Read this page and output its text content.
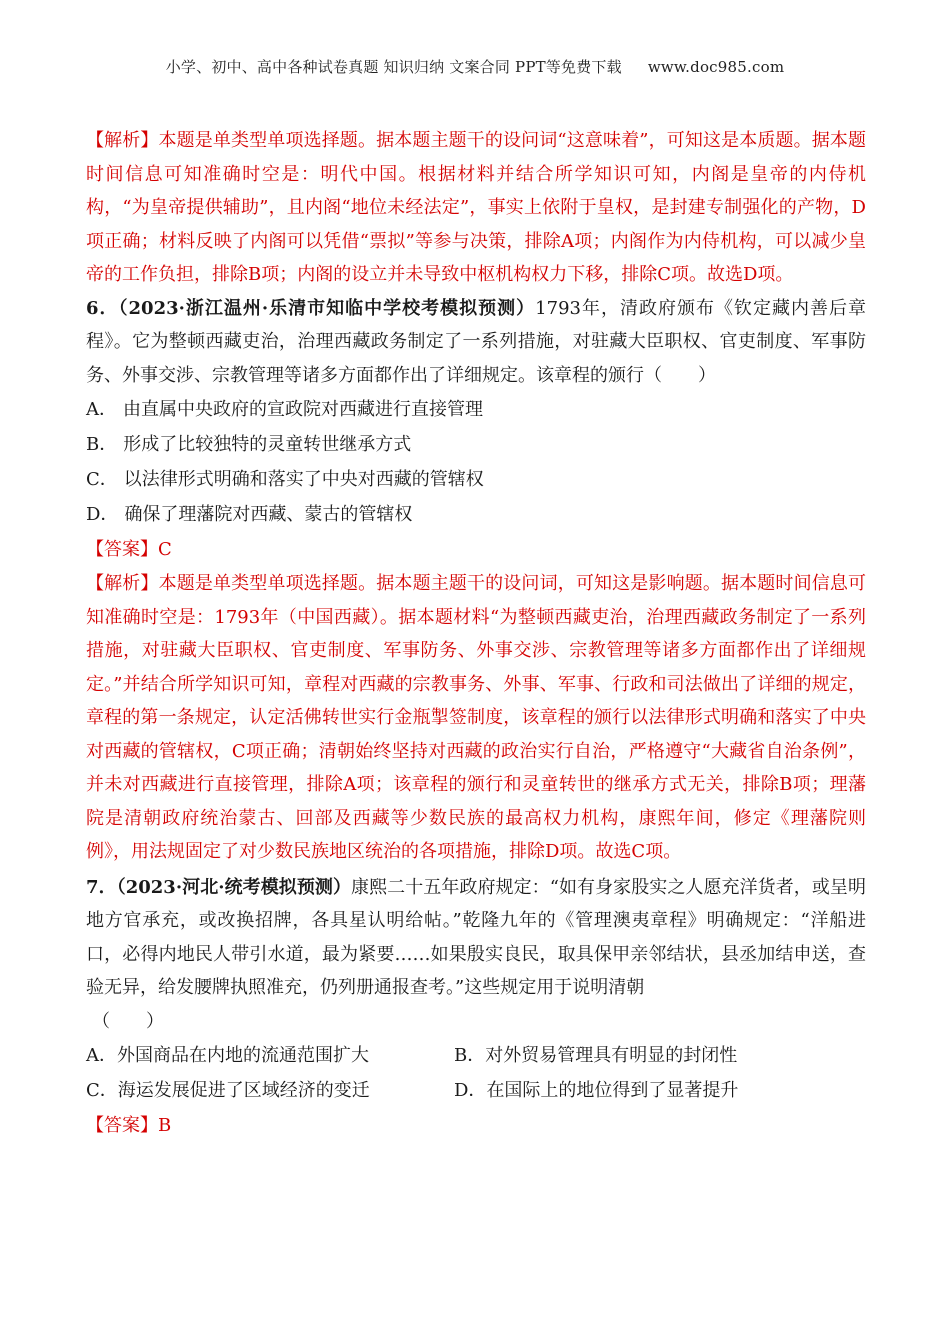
小学、初中、高中各种试卷真题 知识归纳 文案合同 PPT等免费下载 www.doc985.com

【解析】本题是单类型单项选择题。据本题主题干的设问词“这意味着”，可知这是本质题。据本题时间信息可知准确时空是：明代中国。根据材料并结合所学知识可知，内阁是皇帝的内侍机构，“为皇帝提供辅助”，且内阁“地位未经法定”，事实上依附于皇权，是封建专制强化的产物，D项正确；材料反映了内阁可以凭借“票拟”等参与决策，排除A项；内阁作为内侍机构，可以减少皇帝的工作负担，排除B项；内阁的设立并未导致中枢机构权力下移，排除C项。故选D项。

6．（2023·浙江温州·乐清市知临中学校考模拟预测）1793年，清政府颁布《钦定藏内善后章程》。它为整顿西藏吏治，治理西藏政务制定了一系列措施，对驻藏大臣职权、官吏制度、军事防务、外事交涉、宗教管理等诸多方面都作出了详细规定。该章程的颁行（　　）

A． 由直属中央政府的宣政院对西藏进行直接管理

B． 形成了比较独特的灵童转世继承方式

C． 以法律形式明确和落实了中央对西藏的管辖权

D． 确保了理藩院对西藏、蒙古的管辖权

【答案】C

【解析】本题是单类型单项选择题。据本题主题干的设问词，可知这是影响题。据本题时间信息可知准确时空是：1793年（中国西藏）。据本题材料“为整顿西藏吏治，治理西藏政务制定了一系列措施，对驻藏大臣职权、官吏制度、军事防务、外事交涉、宗教管理等诸多方面都作出了详细规定。”并结合所学知识可知，章程对西藏的宗教事务、外事、军事、行政和司法做出了详细的规定，章程的第一条规定，认定活佛转世实行金瓶掣签制度，该章程的颁行以法律形式明确和落实了中央对西藏的管辖权，C项正确；清朝始终坚持对西藏的政治实行自治，严格遵守“大藏省自治条例”，并未对西藏进行直接管理，排除A项；该章程的颁行和灵童转世的继承方式无关，排除B项；理藩院是清朝政府统治蒙古、回部及西藏等少数民族的最高权力机构，康熙年间，修定《理藩院则例》，用法规固定了对少数民族地区统治的各项措施，排除D项。故选C项。

7．（2023·河北·统考模拟预测）康熙二十五年政府规定：“如有身家股实之人愿充洋货者，或呈明地方官承充，或改换招牌，各具星认明给帖。”乾隆九年的《管理澳夷章程》明确规定：“洋船进口，必得内地民人带引水道，最为紧要……如果殷实良民，取具保甲亲邻结状，县丞加结申送，查验无异，给发腰牌执照准充，仍列册通报查考。”这些规定用于说明清朝

（　　）

A．外国商品在内地的流通范围扩大	B．对外贸易管理具有明显的封闭性
C．海运发展促进了区域经济的变迁	D．在国际上的地位得到了显著提升

【答案】B
